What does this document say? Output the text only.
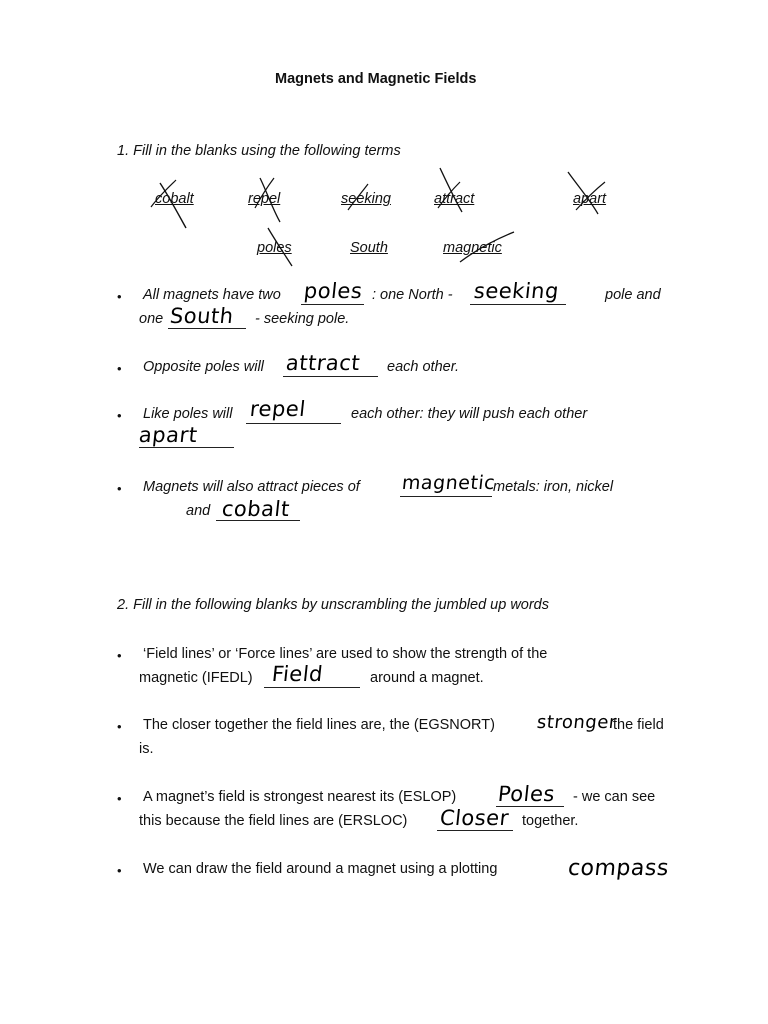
Magnets and Magnetic Fields
1. Fill in the blanks using the following terms
cobalt	repel	seeking	attract	apart
poles	South	magnetic
• All magnets have two poles : one North - seeking	pole and
one South - seeking pole.
• Opposite poles will attract each other.
• Like poles will repel	each other: they will push each other
apart
• Magnets will also attract pieces of magnetic
metals: iron, nickel
and cobalt
2. Fill in the following blanks by unscrambling the jumbled up words
• ‘Field lines’ or ‘Force lines’ are used to show the strength of the
magnetic (IFEDL) Field	around a magnet.
• The closer together the field lines are, the (EGSNORT) stronger
the field
is.
• A magnet’s field is strongest nearest its (ESLOP) Poles - we can see
this because the field lines are (ERSLOC) Closer together.
• We can draw the field around a magnet using a plotting	compass
